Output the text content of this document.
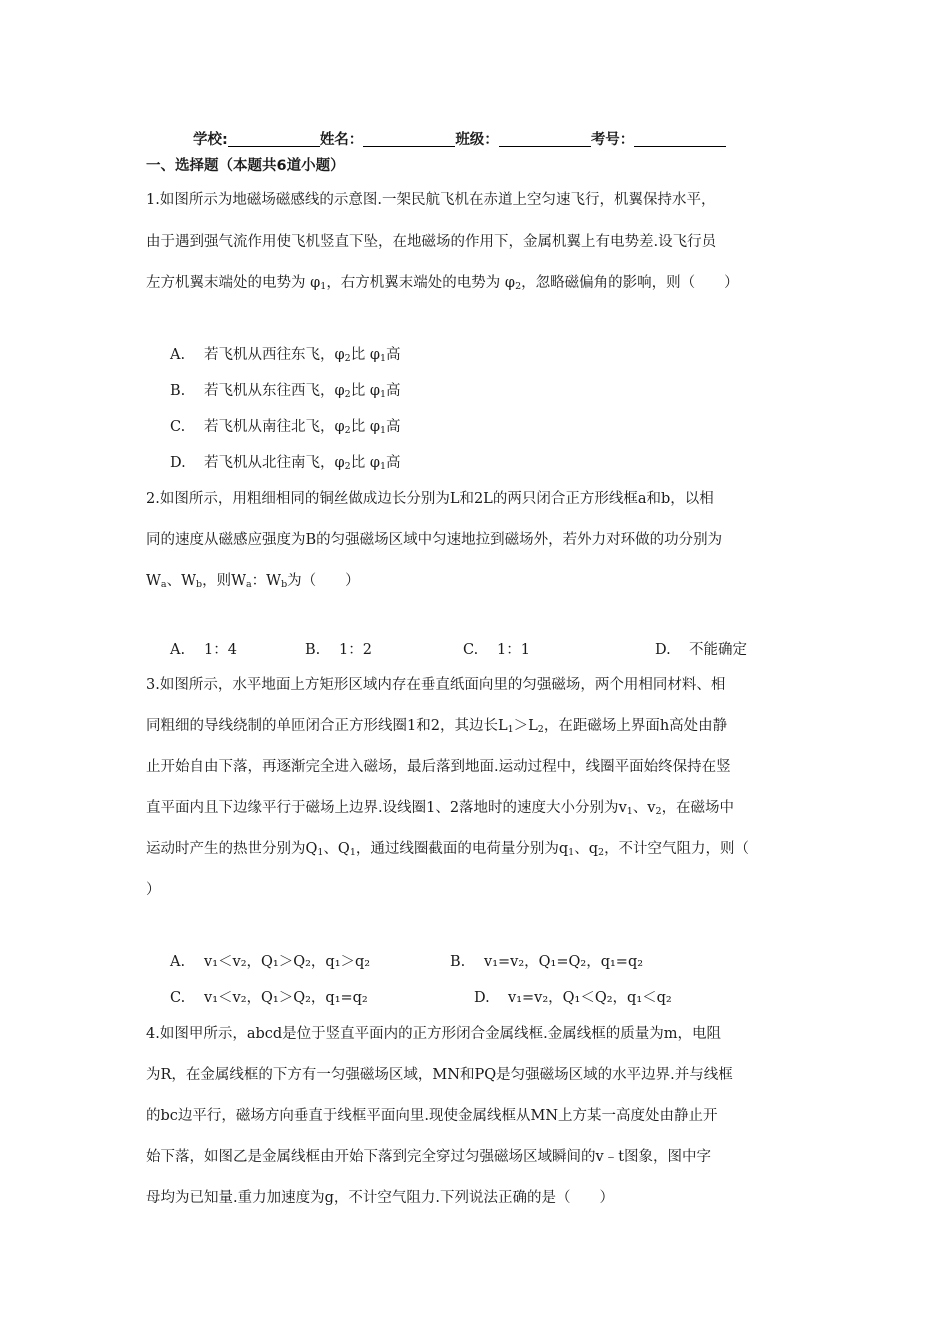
学校:	姓名：	班级：	考号：
一、选择题（本题共6道小题）
1.如图所示为地磁场磁感线的示意图.一架民航飞机在赤道上空匀速飞行，机翼保持水平，
由于遇到强气流作用使飞机竖直下坠，在地磁场的作用下，金属机翼上有电势差.设飞行员
左方机翼末端处的电势为 $\varphi_1$，右方机翼末端处的电势为 $\varphi_2$，忽略磁偏角的影响，则（　　）
A. 若飞机从西往东飞，$\varphi_2$比 $\varphi_1$高
B. 若飞机从东往西飞，$\varphi_2$比 $\varphi_1$高
C. 若飞机从南往北飞，$\varphi_2$比 $\varphi_1$高
D. 若飞机从北往南飞，$\varphi_2$比 $\varphi_1$高
2.如图所示，用粗细相同的铜丝做成边长分别为L和2L的两只闭合正方形线框a和b，以相
同的速度从磁感应强度为B的匀强磁场区域中匀速地拉到磁场外，若外力对环做的功分别为
$W_a$、$W_b$，则$W_a$：$W_b$为（　　）
A. 1：4	B. 1：2	C. 1：1	D. 不能确定
3.如图所示，水平地面上方矩形区域内存在垂直纸面向里的匀强磁场，两个用相同材料、相
同粗细的导线绕制的单匝闭合正方形线圈1和2，其边长$L_1>L_2$，在距磁场上界面h高处由静
止开始自由下落，再逐渐完全进入磁场，最后落到地面.运动过程中，线圈平面始终保持在竖
直平面内且下边缘平行于磁场上边界.设线圈1、2落地时的速度大小分别为$v_1$、$v_2$，在磁场中
运动时产生的热世分别为$Q_1$、$Q_1$，通过线圈截面的电荷量分别为$q_1$、$q_2$，不计空气阻力，则（
）
A. v₁＜v₂，Q₁＞Q₂，q₁＞q₂	B. v₁=v₂，Q₁=Q₂，q₁=q₂
C. v₁＜v₂，Q₁＞Q₂，q₁=q₂	D. v₁=v₂，Q₁＜Q₂，q₁＜q₂
4.如图甲所示，abcd是位于竖直平面内的正方形闭合金属线框.金属线框的质量为m，电阻
为R，在金属线框的下方有一匀强磁场区域，MN和PQ是匀强磁场区域的水平边界.并与线框
的bc边平行，磁场方向垂直于线框平面向里.现使金属线框从MN上方某一高度处由静止开
始下落，如图乙是金属线框由开始下落到完全穿过匀强磁场区域瞬间的v﹣t图象，图中字
母均为已知量.重力加速度为g，不计空气阻力.下列说法正确的是（　　）
